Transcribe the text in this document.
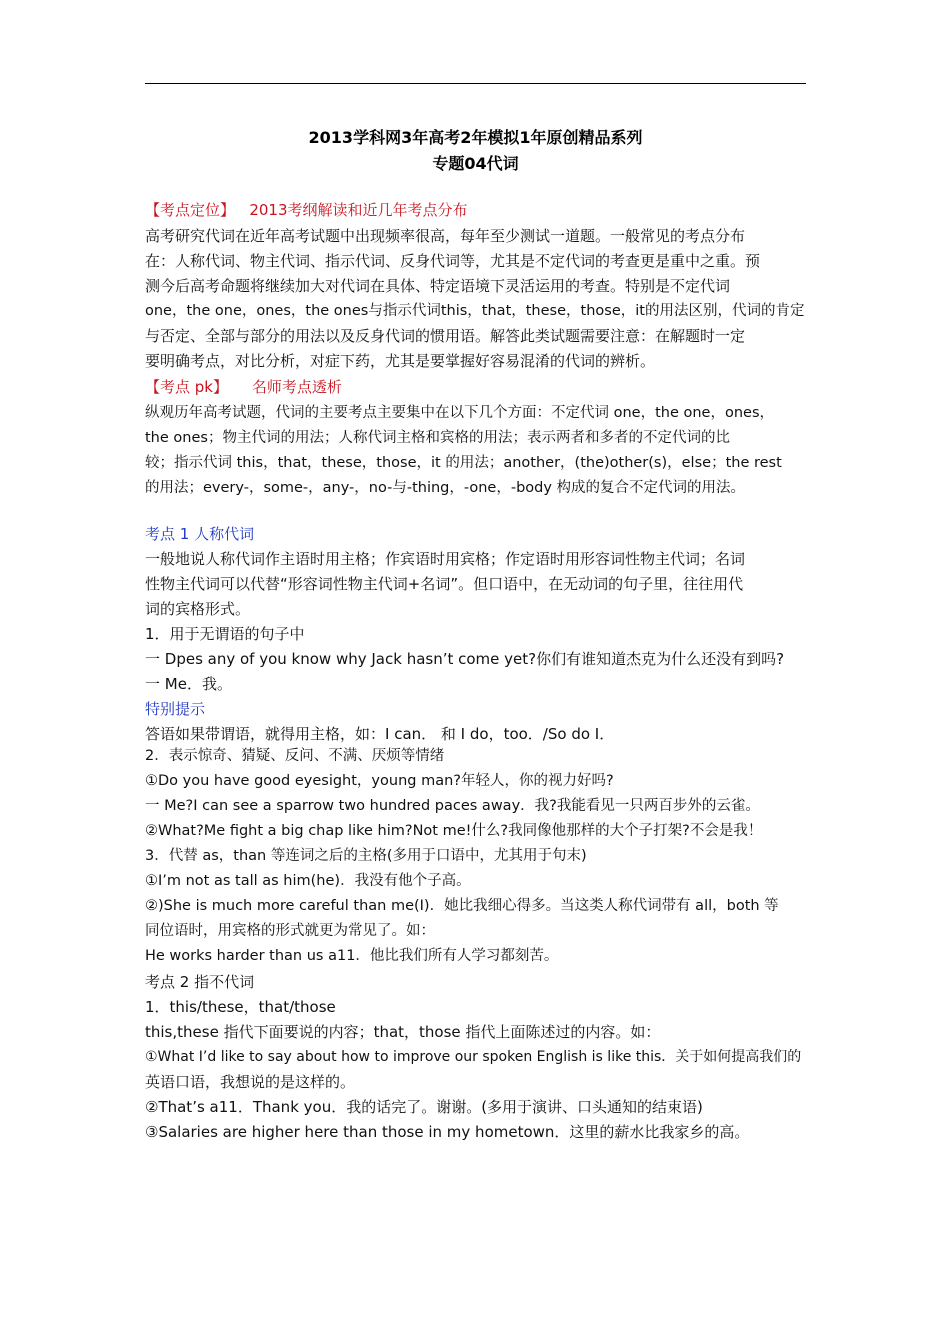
2013学科网3年高考2年模拟1年原创精品系列
专题04代词
【考点定位】 2013考纲解读和近几年考点分布
高考研究代词在近年高考试题中出现频率很高，每年至少测试一道题。一般常见的考点分布
在：人称代词、物主代词、指示代词、反身代词等，尤其是不定代词的考查更是重中之重。预
测今后高考命题将继续加大对代词在具体、特定语境下灵活运用的考查。特别是不定代词
one，the one，ones，the ones与指示代词this，that，these，those，it的用法区别，代词的肯定
与否定、全部与部分的用法以及反身代词的惯用语。解答此类试题需要注意：在解题时一定
要明确考点，对比分析，对症下药，尤其是要掌握好容易混淆的代词的辨析。
【考点 pk】 名师考点透析
纵观历年高考试题，代词的主要考点主要集中在以下几个方面：不定代词 one，the one，ones，
the ones；物主代词的用法；人称代词主格和宾格的用法；表示两者和多者的不定代词的比
较；指示代词 this，that，these，those，it 的用法；another，(the)other(s)，else；the rest
的用法；every-，some-，any-，no-与-thing，-one，-body 构成的复合不定代词的用法。
考点 1 人称代词
一般地说人称代词作主语时用主格；作宾语时用宾格；作定语时用形容词性物主代词；名词
性物主代词可以代替“形容词性物主代词+名词”。但口语中，在无动词的句子里，往往用代
词的宾格形式。
1．用于无谓语的句子中
一 Dpes any of you know why Jack hasn’t come yet?你们有谁知道杰克为什么还没有到吗?
一 Me．我。
特别提示
答语如果带谓语，就得用主格，如：I can． 和 I do，too．/So do I．
2．表示惊奇、猜疑、反问、不满、厌烦等情绪
①Do you have good eyesight，young man?年轻人，你的视力好吗?
一 Me?I can see a sparrow two hundred paces away．我?我能看见一只两百步外的云雀。
②What?Me fight a big chap like him?Not me!什么?我同像他那样的大个子打架?不会是我！
3．代替 as，than 等连词之后的主格(多用于口语中，尤其用于句末)
①I’m not as tall as him(he)．我没有他个子高。
②)She is much more careful than me(I)．她比我细心得多。当这类人称代词带有 all，both 等
同位语时，用宾格的形式就更为常见了。如：
He works harder than us a11．他比我们所有人学习都刻苦。
考点 2 指不代词
1．this/these，that/those
this,these 指代下面要说的内容；that，those 指代上面陈述过的内容。如：
①What I’d like to say about how to improve our spoken English is like this．关于如何提高我们的
英语口语，我想说的是这样的。
②That’s a11．Thank you．我的话完了。谢谢。(多用于演讲、口头通知的结束语)
③Salaries are higher here than those in my hometown．这里的薪水比我家乡的高。
